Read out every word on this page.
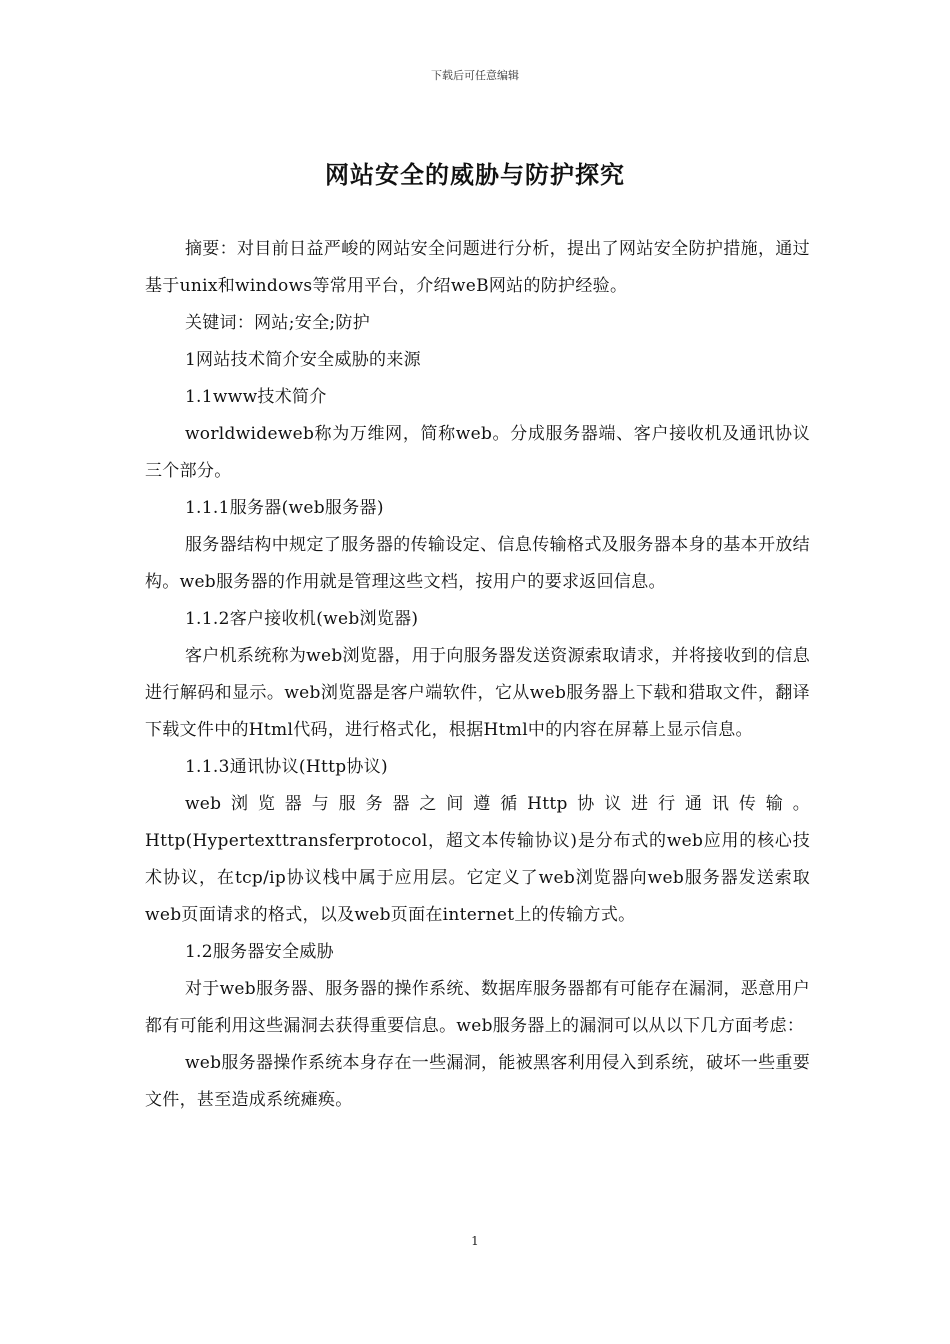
下载后可任意编辑
网站安全的威胁与防护探究

摘要：对目前日益严峻的网站安全问题进行分析，提出了网站安全防护措施，通过基于unix和windows等常用平台，介绍weB网站的防护经验。

关键词：网站;安全;防护

1网站技术简介安全威胁的来源

1.1www技术简介

worldwideweb称为万维网，简称web。分成服务器端、客户接收机及通讯协议三个部分。

1.1.1服务器(web服务器)

服务器结构中规定了服务器的传输设定、信息传输格式及服务器本身的基本开放结构。web服务器的作用就是管理这些文档，按用户的要求返回信息。

1.1.2客户接收机(web浏览器)

客户机系统称为web浏览器，用于向服务器发送资源索取请求，并将接收到的信息进行解码和显示。web浏览器是客户端软件，它从web服务器上下载和猎取文件，翻译下载文件中的Html代码，进行格式化，根据Html中的内容在屏幕上显示信息。

1.1.3通讯协议(Http协议)

web浏览器与服务器之间遵循Http协议进行通讯传输。Http(Hypertexttransferprotocol，超文本传输协议)是分布式的web应用的核心技术协议，在tcp/ip协议栈中属于应用层。它定义了web浏览器向web服务器发送索取web页面请求的格式，以及web页面在internet上的传输方式。

1.2服务器安全威胁

对于web服务器、服务器的操作系统、数据库服务器都有可能存在漏洞，恶意用户都有可能利用这些漏洞去获得重要信息。web服务器上的漏洞可以从以下几方面考虑：

web服务器操作系统本身存在一些漏洞，能被黑客利用侵入到系统，破坏一些重要文件，甚至造成系统瘫痪。

1
